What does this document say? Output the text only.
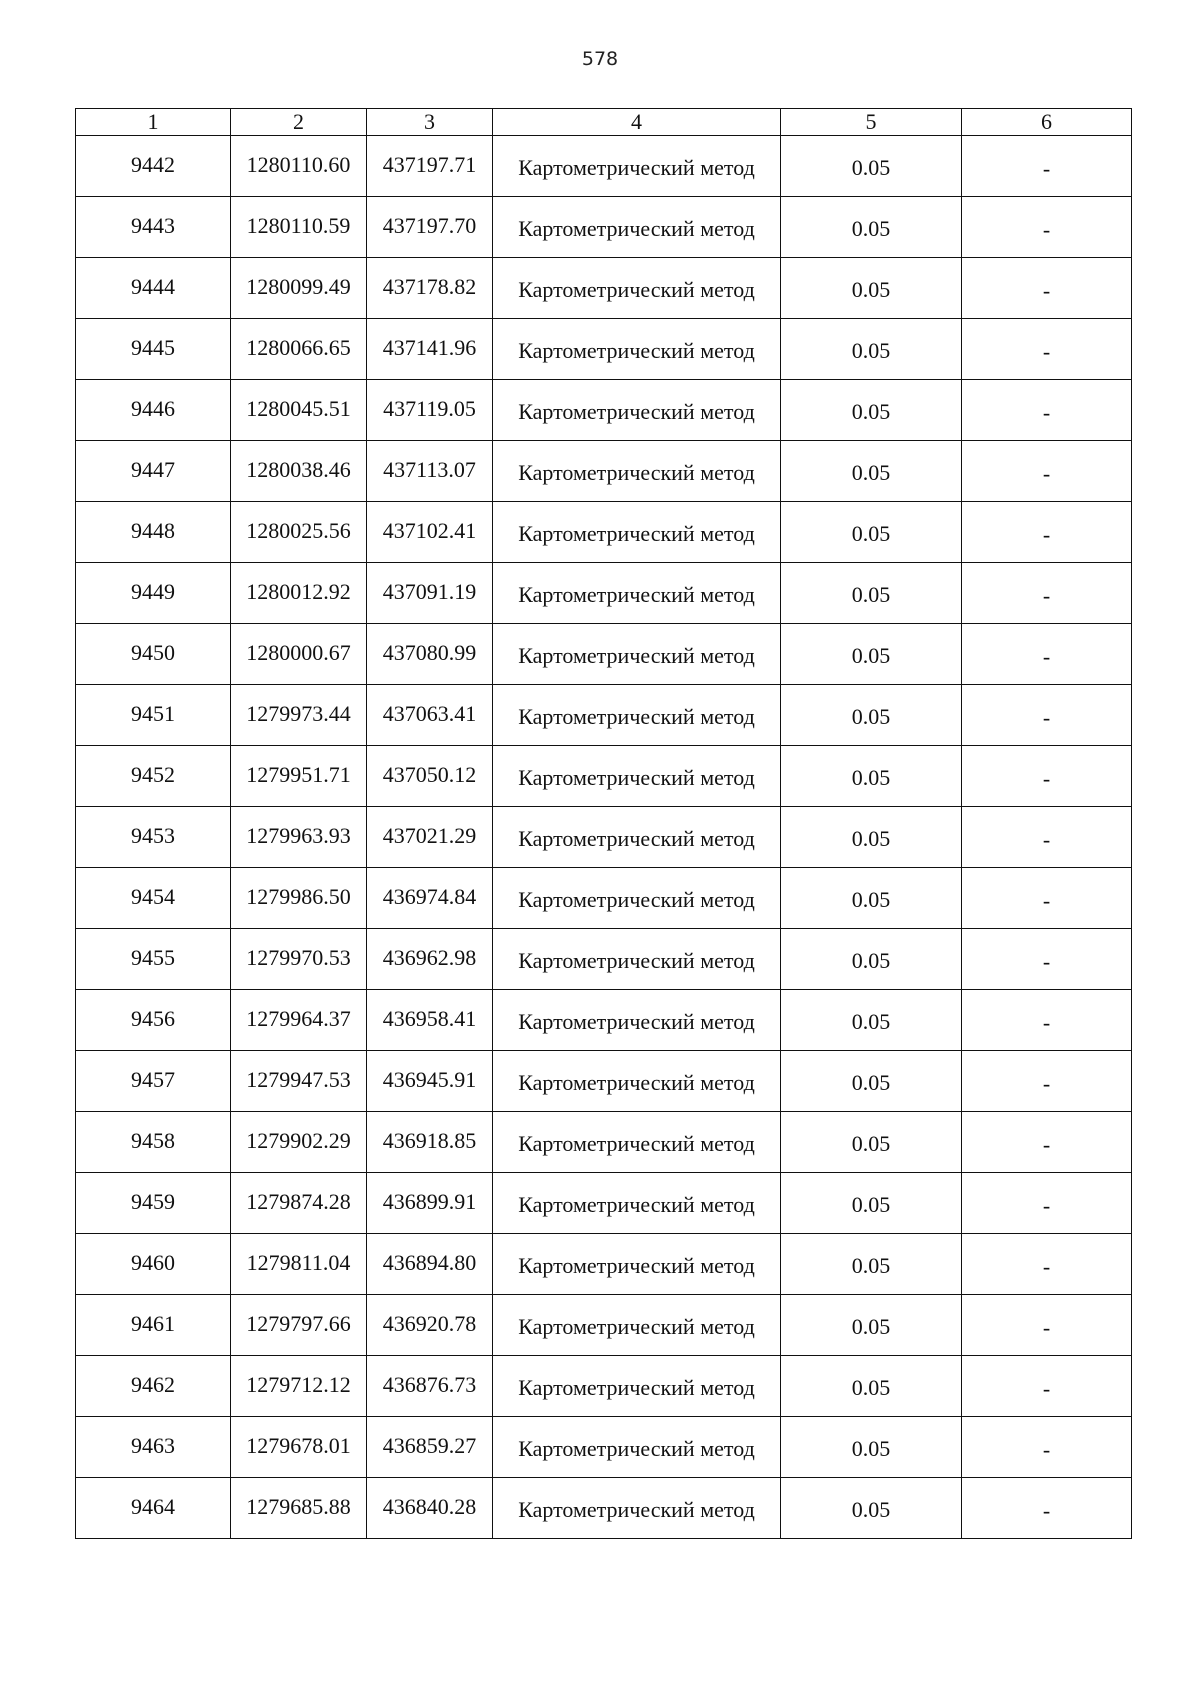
578
1	2	3	4	5	6
9442	1280110.60	437197.71	Картометрический метод	0.05	-
9443	1280110.59	437197.70	Картометрический метод	0.05	-
9444	1280099.49	437178.82	Картометрический метод	0.05	-
9445	1280066.65	437141.96	Картометрический метод	0.05	-
9446	1280045.51	437119.05	Картометрический метод	0.05	-
9447	1280038.46	437113.07	Картометрический метод	0.05	-
9448	1280025.56	437102.41	Картометрический метод	0.05	-
9449	1280012.92	437091.19	Картометрический метод	0.05	-
9450	1280000.67	437080.99	Картометрический метод	0.05	-
9451	1279973.44	437063.41	Картометрический метод	0.05	-
9452	1279951.71	437050.12	Картометрический метод	0.05	-
9453	1279963.93	437021.29	Картометрический метод	0.05	-
9454	1279986.50	436974.84	Картометрический метод	0.05	-
9455	1279970.53	436962.98	Картометрический метод	0.05	-
9456	1279964.37	436958.41	Картометрический метод	0.05	-
9457	1279947.53	436945.91	Картометрический метод	0.05	-
9458	1279902.29	436918.85	Картометрический метод	0.05	-
9459	1279874.28	436899.91	Картометрический метод	0.05	-
9460	1279811.04	436894.80	Картометрический метод	0.05	-
9461	1279797.66	436920.78	Картометрический метод	0.05	-
9462	1279712.12	436876.73	Картометрический метод	0.05	-
9463	1279678.01	436859.27	Картометрический метод	0.05	-
9464	1279685.88	436840.28	Картометрический метод	0.05	-
